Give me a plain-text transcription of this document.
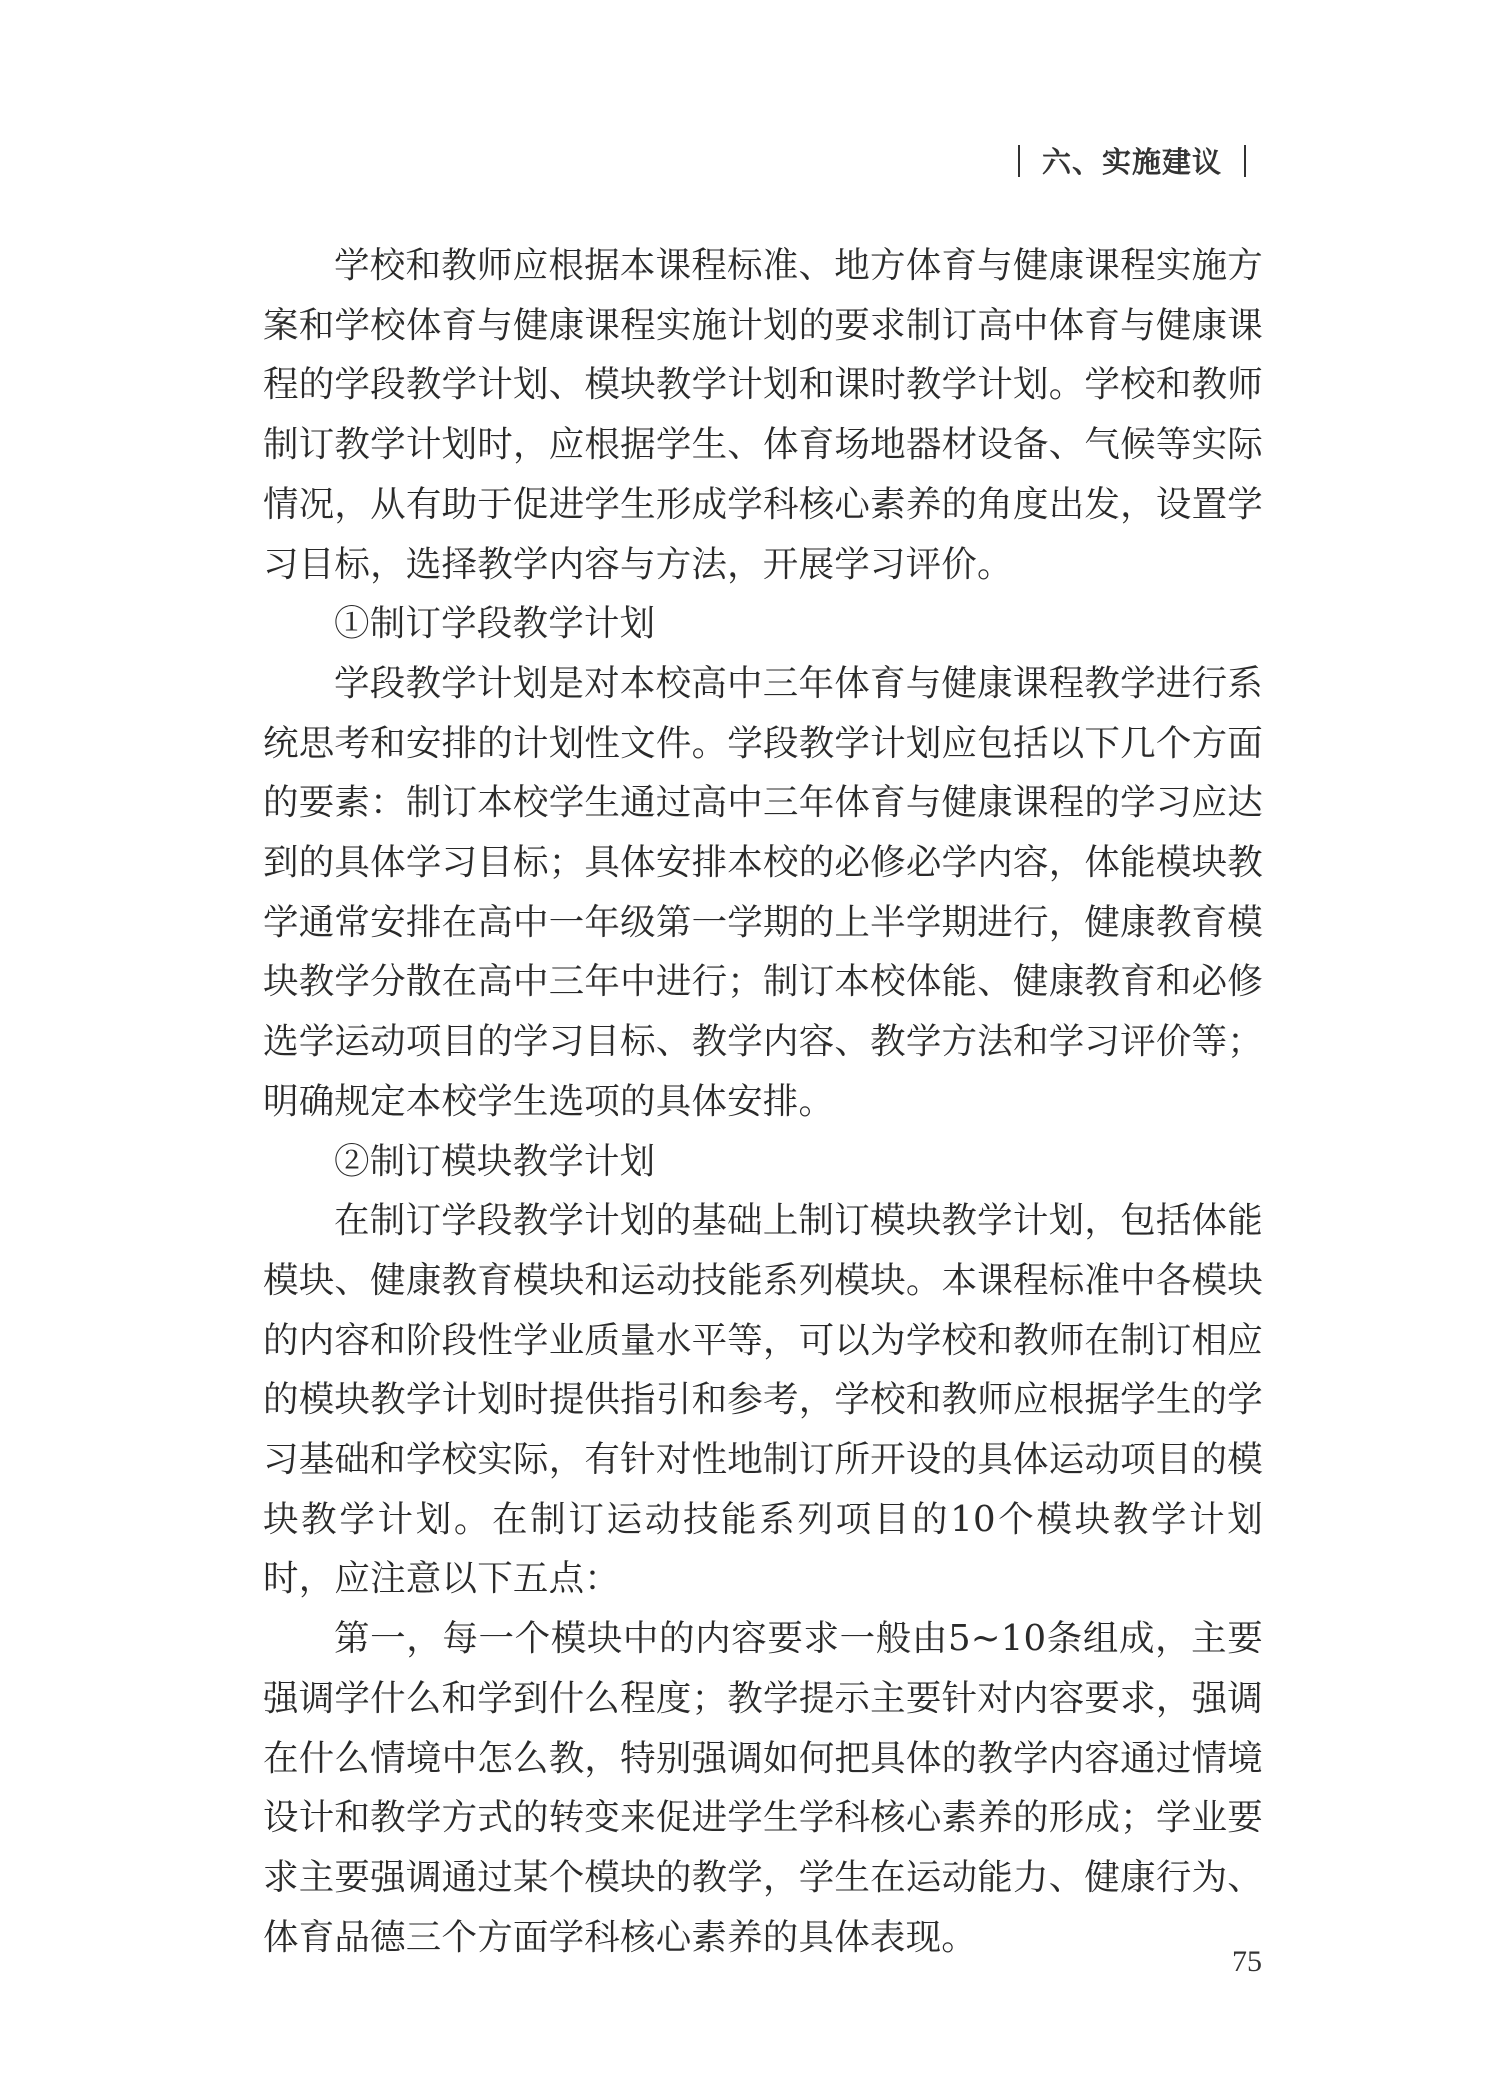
六、实施建议

学校和教师应根据本课程标准、地方体育与健康课程实施方案和学校体育与健康课程实施计划的要求制订高中体育与健康课程的学段教学计划、模块教学计划和课时教学计划。学校和教师制订教学计划时，应根据学生、体育场地器材设备、气候等实际情况，从有助于促进学生形成学科核心素养的角度出发，设置学习目标，选择教学内容与方法，开展学习评价。

①制订学段教学计划

学段教学计划是对本校高中三年体育与健康课程教学进行系统思考和安排的计划性文件。学段教学计划应包括以下几个方面的要素：制订本校学生通过高中三年体育与健康课程的学习应达到的具体学习目标；具体安排本校的必修必学内容，体能模块教学通常安排在高中一年级第一学期的上半学期进行，健康教育模块教学分散在高中三年中进行；制订本校体能、健康教育和必修选学运动项目的学习目标、教学内容、教学方法和学习评价等；明确规定本校学生选项的具体安排。

②制订模块教学计划

在制订学段教学计划的基础上制订模块教学计划，包括体能模块、健康教育模块和运动技能系列模块。本课程标准中各模块的内容和阶段性学业质量水平等，可以为学校和教师在制订相应的模块教学计划时提供指引和参考，学校和教师应根据学生的学习基础和学校实际，有针对性地制订所开设的具体运动项目的模块教学计划。在制订运动技能系列项目的10个模块教学计划时，应注意以下五点：

第一，每一个模块中的内容要求一般由5~10条组成，主要强调学什么和学到什么程度；教学提示主要针对内容要求，强调在什么情境中怎么教，特别强调如何把具体的教学内容通过情境设计和教学方式的转变来促进学生学科核心素养的形成；学业要求主要强调通过某个模块的教学，学生在运动能力、健康行为、体育品德三个方面学科核心素养的具体表现。

75
